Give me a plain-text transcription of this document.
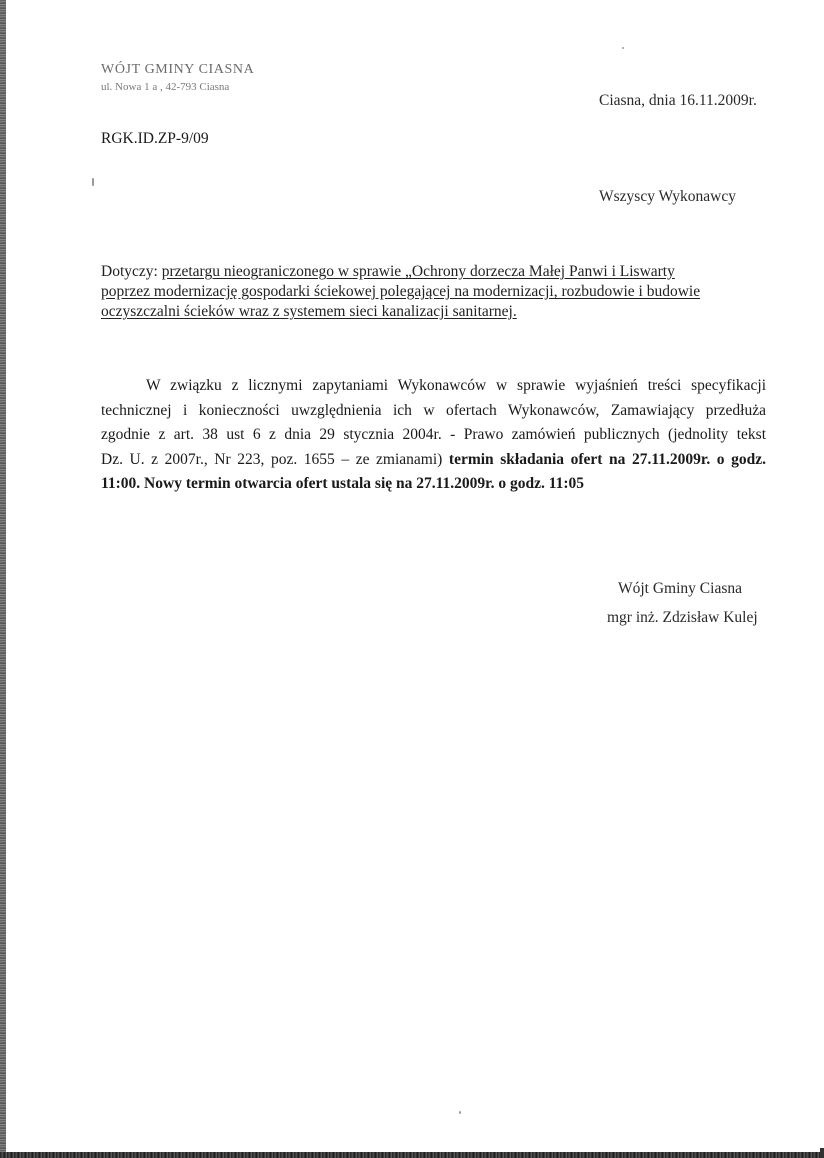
WÓJT GMINY CIASNA
ul. Nowa 1 a , 42-793 Ciasna
Ciasna, dnia 16.11.2009r.
RGK.ID.ZP-9/09
Wszyscy Wykonawcy
Dotyczy: przetargu nieograniczonego w sprawie „Ochrony dorzecza Małej Panwi i Liswarty
poprzez modernizację gospodarki ściekowej polegającej na modernizacji, rozbudowie i budowie
oczyszczalni ścieków wraz z systemem sieci kanalizacji sanitarnej.
W związku z licznymi zapytaniami Wykonawców w sprawie wyjaśnień treści specyfikacji
technicznej i konieczności uwzględnienia ich w ofertach Wykonawców, Zamawiający przedłuża
zgodnie z art. 38 ust 6 z dnia 29 stycznia 2004r. - Prawo zamówień publicznych (jednolity tekst
Dz. U. z 2007r., Nr 223, poz. 1655 – ze zmianami) termin składania ofert na 27.11.2009r. o godz.
11:00. Nowy termin otwarcia ofert ustala się na 27.11.2009r. o godz. 11:05
Wójt Gminy Ciasna
mgr inż. Zdzisław Kulej
